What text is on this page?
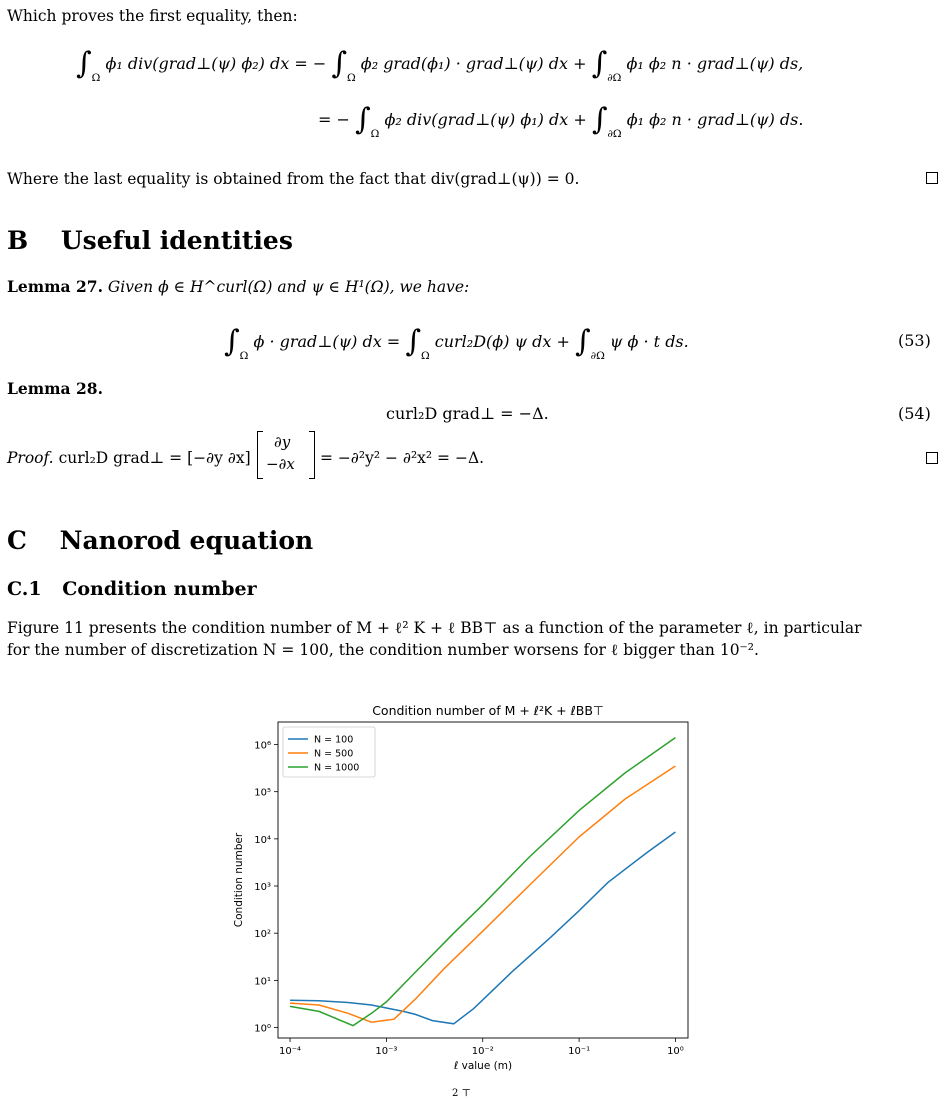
Which proves the first equality, then:
$\int_\Omega$ ϕ₁ div(grad⊥(ψ) ϕ₂) dx = − $\int_\Omega$ ϕ₂ grad(ϕ₁) · grad⊥(ψ) dx + $\int_{\partial\Omega}$ ϕ₁ ϕ₂ n · grad⊥(ψ) ds,
= − $\int_\Omega$ ϕ₂ div(grad⊥(ψ) ϕ₁) dx + $\int_{\partial\Omega}$ ϕ₁ ϕ₂ n · grad⊥(ψ) ds.
Where the last equality is obtained from the fact that div(grad⊥(ψ)) = 0.
B Useful identities
Lemma 27. Given ϕ ∈ H^curl(Ω) and ψ ∈ H¹(Ω), we have:
$\int_\Omega$ ϕ · grad⊥(ψ) dx = $\int_\Omega$ curl₂D(ϕ) ψ dx + $\int_{\partial\Omega}$ ψ ϕ · t ds.	(53)
Lemma 28.
curl₂D grad⊥ = −Δ.	(54)
Proof. curl₂D grad⊥ = [−∂y ∂x]
∂y
−∂x = −∂²y² − ∂²x² = −Δ.
C Nanorod equation
C.1 Condition number
Figure 11 presents the condition number of M + ℓ² K + ℓ BB⊤ as a function of the parameter ℓ, in particular
for the number of discretization N = 100, the condition number worsens for ℓ bigger than 10⁻².
Condition number of M + ℓ²K + ℓBB⊤
10⁻⁴	10⁻³	10⁻²	10⁻¹	10⁰
10⁰
10¹
10²
10³
10⁴
10⁵
10⁶
ℓ value (m)
Condition number
N = 100
N = 500
N = 1000
2 ⊤
